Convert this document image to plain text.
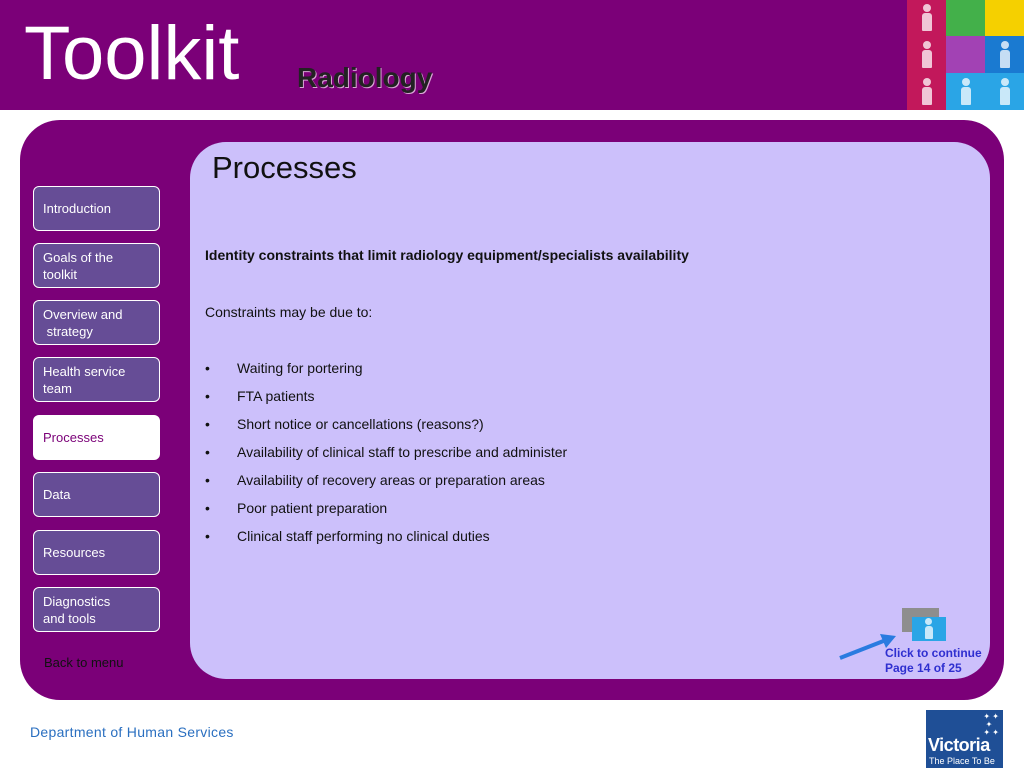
Toolkit Radiology
Introduction
Goals of the
toolkit
Overview and
strategy
Health service
team
Processes
Data
Resources
Diagnostics
and tools
Back to menu
Processes
Identity constraints that limit radiology equipment/specialists availability
Constraints may be due to:
• Waiting for portering
• FTA patients
• Short notice or cancellations (reasons?)
• Availability of clinical staff to prescribe and administer
• Availability of recovery areas or preparation areas
• Poor patient preparation
• Clinical staff performing no clinical duties
Click to continue
Page 14 of 25
Department of Human Services
✦ ✦
✦
✦ ✦
Victoria
The Place To Be
